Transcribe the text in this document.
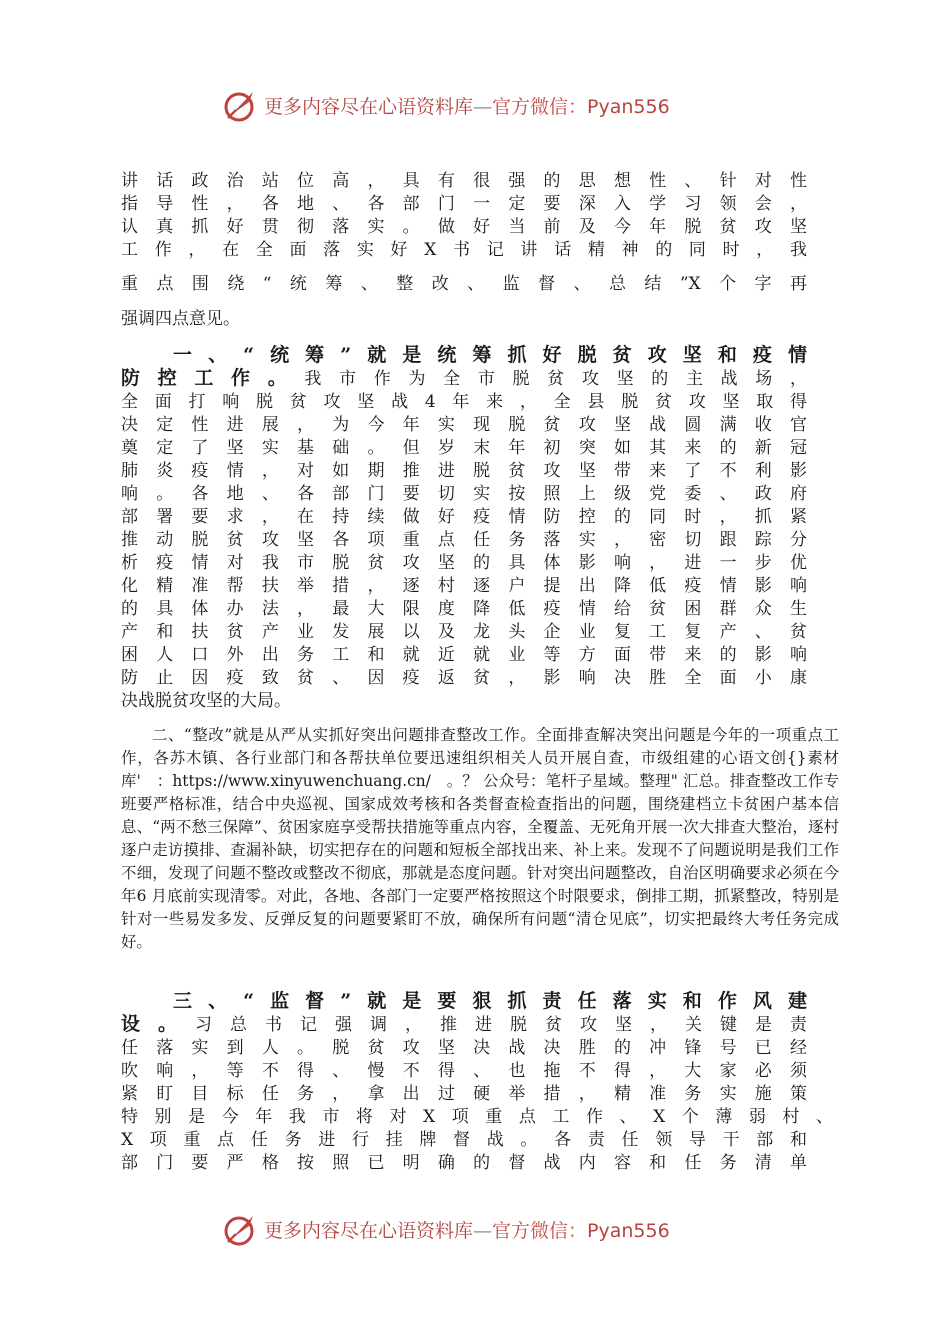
更多内容尽在心语资料库—官方微信：Pyan556
讲话政治站位高，具有很强的思想性、针对性
指导性，各地、各部门一定要深入学习领会，
认真抓好贯彻落实。做好当前及今年脱贫攻坚
工作，在全面落实好X书记讲话精神的同时，我
重点围绕“统筹、整改、监督、总结”X个字再
强调四点意见。
一、“统筹”就是统筹抓好脱贫攻坚和疫情
防控工作。我市作为全市脱贫攻坚的主战场，
全面打响脱贫攻坚战4年来，全县脱贫攻坚取得
决定性进展，为今年实现脱贫攻坚战圆满收官
奠定了坚实基础。但岁末年初突如其来的新冠
肺炎疫情，对如期推进脱贫攻坚带来了不利影
响。各地、各部门要切实按照上级党委、政府
部署要求，在持续做好疫情防控的同时，抓紧
推动脱贫攻坚各项重点任务落实，密切跟踪分
析疫情对我市脱贫攻坚的具体影响，进一步优
化精准帮扶举措，逐村逐户提出降低疫情影响
的具体办法，最大限度降低疫情给贫困群众生
产和扶贫产业发展以及龙头企业复工复产、贫
困人口外出务工和就近就业等方面带来的影响
防止因疫致贫、因疫返贫，影响决胜全面小康
决战脱贫攻坚的大局。
二、“整改”就是从严从实抓好突出问题排查整改工作。全面排查解决突出问题是今年的一项重点工作，各苏木镇、各行业部门和各帮扶单位要迅速组织相关人员开展自查，市级组建的心语文创{}素材库'　：https://www.xinyuwenchuang.cn/　。？ 公众号：笔杆子星域。整理" 汇总。排查整改工作专班要严格标准，结合中央巡视、国家成效考核和各类督查检查指出的问题，围绕建档立卡贫困户基本信息、“两不愁三保障”、贫困家庭享受帮扶措施等重点内容，全覆盖、无死角开展一次大排查大整治，逐村逐户走访摸排、查漏补缺，切实把存在的问题和短板全部找出来、补上来。发现不了问题说明是我们工作不细，发现了问题不整改或整改不彻底，那就是态度问题。针对突出问题整改，自治区明确要求必须在今年6 月底前实现清零。对此，各地、各部门一定要严格按照这个时限要求，倒排工期，抓紧整改，特别是针对一些易发多发、反弹反复的问题要紧盯不放，确保所有问题“清仓见底”，切实把最终大考任务完成好。
三、“监督”就是要狠抓责任落实和作风建
设。习总书记强调，推进脱贫攻坚，关键是责
任落实到人。脱贫攻坚决战决胜的冲锋号已经
吹响，等不得、慢不得、也拖不得，大家必须
紧盯目标任务，拿出过硬举措，精准务实施策
特别是今年我市将对X项重点工作、X个薄弱村、
X项重点任务进行挂牌督战。各责任领导干部和
部门要严格按照已明确的督战内容和任务清单
更多内容尽在心语资料库—官方微信：Pyan556
